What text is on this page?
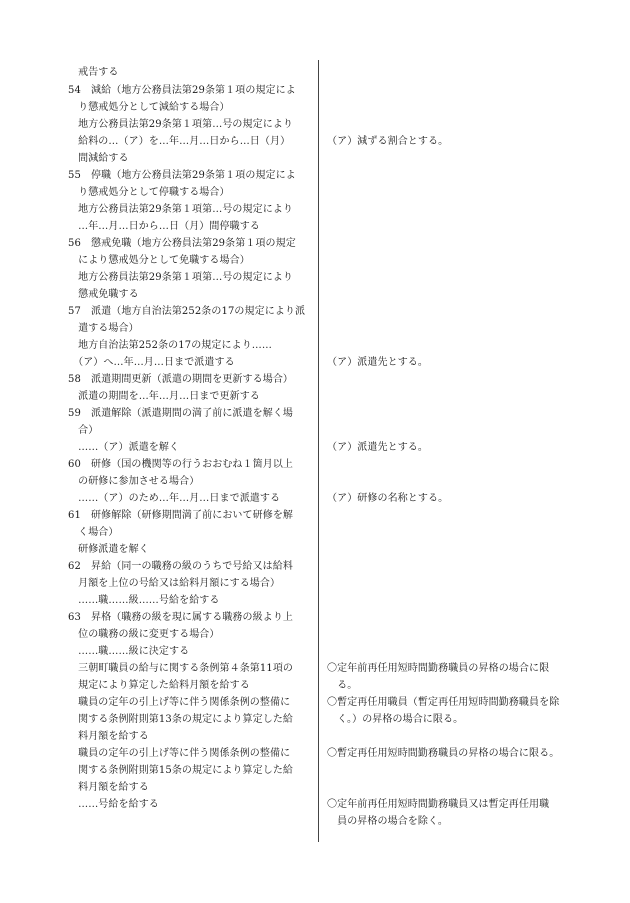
　戒告する
54　減給（地方公務員法第29条第１項の規定によ
　り懲戒処分として減給する場合）
　地方公務員法第29条第１項第…号の規定により
　給料の…（ア）を…年…月…日から…日（月）
　間減給する
55　停職（地方公務員法第29条第１項の規定によ
　り懲戒処分として停職する場合）
　地方公務員法第29条第１項第…号の規定により
　…年…月…日から…日（月）間停職する
56　懲戒免職（地方公務員法第29条第１項の規定
　により懲戒処分として免職する場合）
　地方公務員法第29条第１項第…号の規定により
　懲戒免職する
57　派遣（地方自治法第252条の17の規定により派
　遣する場合）
　地方自治法第252条の17の規定により……
　（ア）へ…年…月…日まで派遣する
58　派遣期間更新（派遣の期間を更新する場合）
　派遣の期間を…年…月…日まで更新する
59　派遣解除（派遣期間の満了前に派遣を解く場
　合）
　……（ア）派遣を解く
60　研修（国の機関等の行うおおむね１箇月以上
　の研修に参加させる場合）
　……（ア）のため…年…月…日まで派遣する
61　研修解除（研修期間満了前において研修を解
　く場合）
　研修派遣を解く
62　昇給（同一の職務の級のうちで号給又は給料
　月額を上位の号給又は給料月額にする場合）
　……職……級……号給を給する
63　昇格（職務の級を現に属する職務の級より上
　位の職務の級に変更する場合）
　……職……級に決定する
　三朝町職員の給与に関する条例第４条第11項の
　規定により算定した給料月額を給する
　職員の定年の引上げ等に伴う関係条例の整備に
　関する条例附則第13条の規定により算定した給
　料月額を給する
　職員の定年の引上げ等に伴う関係条例の整備に
　関する条例附則第15条の規定により算定した給
　料月額を給する
　……号給を給する
（ア）減ずる割合とする。
（ア）派遣先とする。
（ア）派遣先とする。
（ア）研修の名称とする。
〇定年前再任用短時間勤務職員の昇格の場合に限
　る。
〇暫定再任用職員（暫定再任用短時間勤務職員を除
　く。）の昇格の場合に限る。
〇暫定再任用短時間勤務職員の昇格の場合に限る。
〇定年前再任用短時間勤務職員又は暫定再任用職
　員の昇格の場合を除く。
